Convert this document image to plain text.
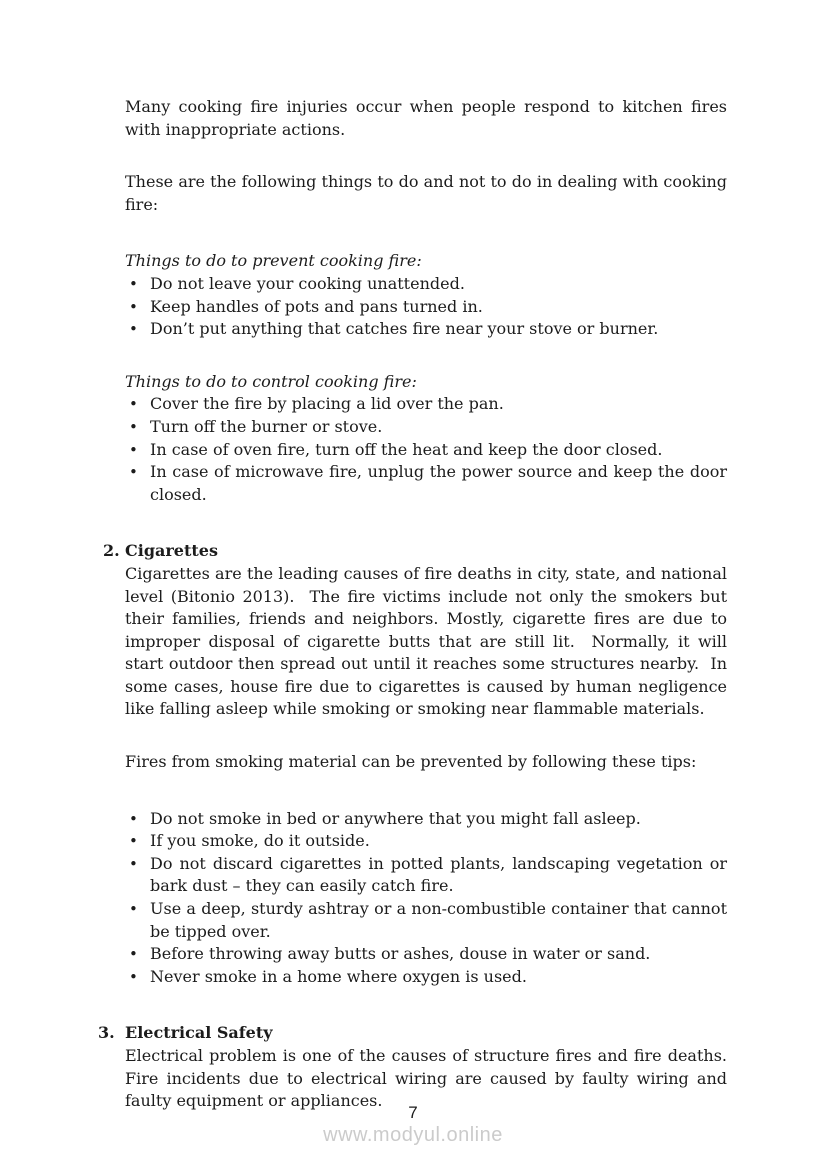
Many cooking fire injuries occur when people respond to kitchen fires with inappropriate actions.

These are the following things to do and not to do in dealing with cooking fire:

Things to do to prevent cooking fire:

• Do not leave your cooking unattended.
• Keep handles of pots and pans turned in.
• Don’t put anything that catches fire near your stove or burner.

Things to do to control cooking fire:

• Cover the fire by placing a lid over the pan.
• Turn off the burner or stove.
• In case of oven fire, turn off the heat and keep the door closed.
• In case of microwave fire, unplug the power source and keep the door closed.
2. Cigarettes

Cigarettes are the leading causes of fire deaths in city, state, and national level (Bitonio 2013).  The fire victims include not only the smokers but their families, friends and neighbors. Mostly, cigarette fires are due to improper disposal of cigarette butts that are still lit.  Normally, it will start outdoor then spread out until it reaches some structures nearby.  In some cases, house fire due to cigarettes is caused by human negligence like falling asleep while smoking or smoking near flammable materials.

Fires from smoking material can be prevented by following these tips:

• Do not smoke in bed or anywhere that you might fall asleep.
• If you smoke, do it outside.
• Do not discard cigarettes in potted plants, landscaping vegetation or bark dust – they can easily catch fire.
• Use a deep, sturdy ashtray or a non-combustible container that cannot be tipped over.
• Before throwing away butts or ashes, douse in water or sand.
• Never smoke in a home where oxygen is used.
3. Electrical Safety

Electrical problem is one of the causes of structure fires and fire deaths. Fire incidents due to electrical wiring are caused by faulty wiring and faulty equipment or appliances.

7
www.modyul.online
